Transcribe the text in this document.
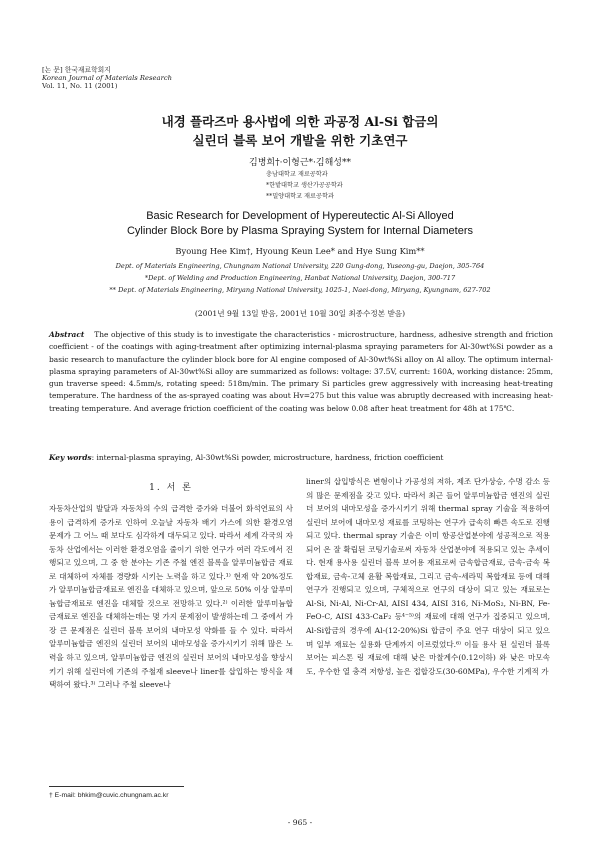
[논 문] 한국재료학회지
Korean Journal of Materials Research
Vol. 11, No. 11 (2001)
내경 플라즈마 용사법에 의한 과공정 Al-Si 합금의
실린더 블록 보어 개발을 위한 기초연구
김병희†·이형근*·김해성**
충남대학교 재료공학과
*한밭대학교 생산가공공학과
**밀양대학교 재료공학과
Basic Research for Development of Hypereutectic Al-Si Alloyed
Cylinder Block Bore by Plasma Spraying System for Internal Diameters
Byoung Hee Kim†, Hyoung Keun Lee* and Hye Sung Kim**
Dept. of Materials Engineering, Chungnam National University, 220 Gung-dong, Yuseong-gu, Daejon, 305-764
*Dept. of Welding and Production Engineering, Hanbat National University, Daejon, 300-717
** Dept. of Materials Engineering, Miryang National University, 1025-1, Naei-dong, Miryang, Kyungnam, 627-702
(2001년 9월 13일 받음, 2001년 10월 30일 최종수정본 받음)
Abstract The objective of this study is to investigate the characteristics - microstructure, hardness, adhesive strength and friction coefficient - of the coatings with aging-treatment after optimizing internal-plasma spraying parameters for Al-30wt%Si powder as a basic research to manufacture the cylinder block bore for Al engine composed of Al-30wt%Si alloy on Al alloy. The optimum internal-plasma spraying parameters of Al-30wt%Si alloy are summarized as follows: voltage: 37.5V, current: 160A, working distance: 25mm, gun traverse speed: 4.5mm/s, rotating speed: 518m/min. The primary Si particles grew aggressively with increasing heat-treating temperature. The hardness of the as-sprayed coating was about Hv=275 but this value was abruptly decreased with increasing heat-treating temperature. And average friction coefficient of the coating was below 0.08 after heat treatment for 48h at 175℃.
Key words: internal-plasma spraying, Al-30wt%Si powder, microstructure, hardness, friction coefficient
1. 서 론

자동차산업의 발달과 자동차의 수의 급격한 증가와 더불어 화석연료의 사용이 급격하게 증가로 인하여 오늘날 자동차 배기 가스에 의한 환경오염 문제가 그 어느 때 보다도 심각하게 대두되고 있다. 따라서 세계 각국의 자동차 산업에서는 이러한 환경오염을 줄이기 위한 연구가 여러 각도에서 진행되고 있으며, 그 중 한 분야는 기존 주철 엔진 블록을 알루미늄합금 재료로 대체하여 자체를 경량화 시키는 노력을 하고 있다.¹⁾ 현재 약 20%정도가 알루미늄합금재료로 엔진을 대체하고 있으며, 앞으로 50% 이상 알루미늄합금재료로 엔진을 대체할 것으로 전망하고 있다.²⁾ 이러한 알루미늄합금재료로 엔진을 대체하는데는 몇 가지 문제점이 발생하는데 그 중에서 가장 큰 문제점은 실린더 블록 보어의 내마모성 약화를 들 수 있다. 따라서 알루미늄합금 엔진의 실린더 보어의 내마모성을 증가시키기 위해 많은 노력을 하고 있으며, 알루미늄합금 엔진의 실린더 보어의 내마모성을 향상시키기 위해 실린더에 기존의 주철재 sleeve나 liner를 삽입하는 방식을 채택하여 왔다.³⁾ 그러나 주철 sleeve나

liner의 삽입방식은 변형이나 가공성의 저하, 제조 단가상승, 수명 감소 등의 많은 문제점을 갖고 있다. 따라서 최근 들어 알루미늄합금 엔진의 실린더 보어의 내마모성을 증가시키기 위해 thermal spray 기술을 적용하여 실린더 보어에 내마모성 재료를 코팅하는 연구가 급속히 빠른 속도로 진행되고 있다. thermal spray 기술은 이미 항공산업분야에 성공적으로 적용되어 온 잘 확립된 코팅기술로써 자동차 산업분야에 적용되고 있는 추세이다. 현재 용사용 실린더 블록 보어용 재료로써 금속합금재료, 금속-금속 복합재료, 금속-고체 윤활 복합재료, 그리고 금속-세라믹 복합재료 등에 대해 연구가 진행되고 있으며, 구체적으로 연구의 대상이 되고 있는 재료로는 Al-Si, Ni-Al, Ni-Cr-Al, AISI 434, AISI 316, Ni-MoS₂, Ni-BN, Fe-FeO-C, AISI 433-CaF₂ 등⁴⁻⁵⁾의 재료에 대해 연구가 집중되고 있으며, Al-Si합금의 경우에 Al-(12-20%)Si 합금이 주요 연구 대상이 되고 있으며 일부 재료는 실용화 단계까지 이르렀었다.⁶⁾ 이들 용사 된 실린더 블록 보어는 피스톤 링 재료에 대해 낮은 마찰계수(0.12이하) 와 낮은 마모속도, 우수한 열 충격 저항성, 높은 접합강도(30-60MPa), 우수한 기계적 가

† E-mail: bhkim@cuvic.chungnam.ac.kr
- 965 -
